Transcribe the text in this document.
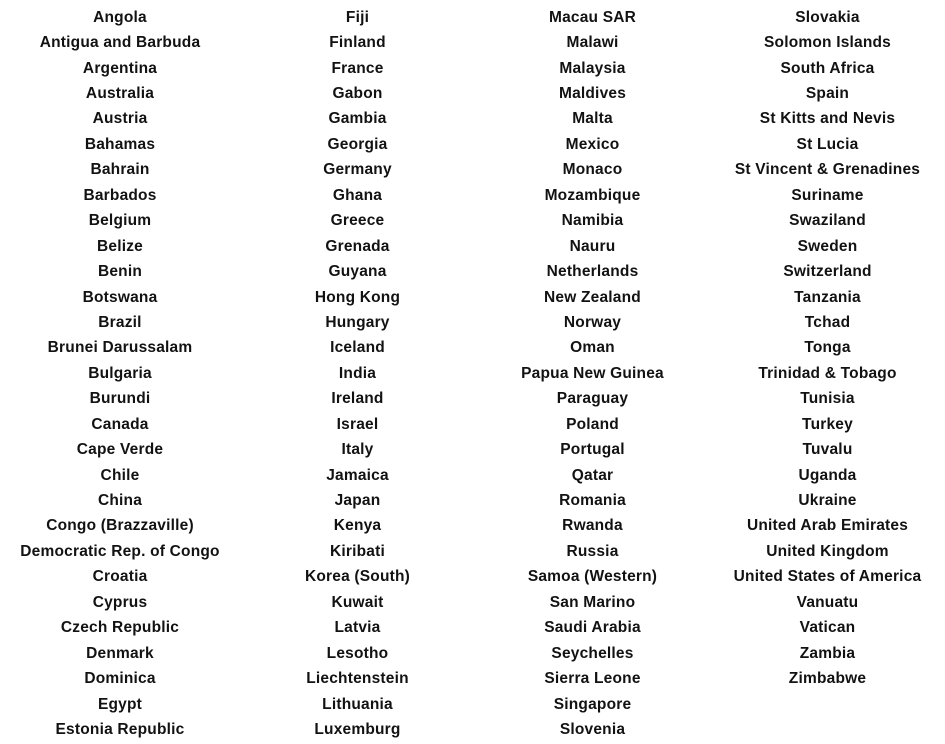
Angola
Antigua and Barbuda
Argentina
Australia
Austria
Bahamas
Bahrain
Barbados
Belgium
Belize
Benin
Botswana
Brazil
Brunei Darussalam
Bulgaria
Burundi
Canada
Cape Verde
Chile
China
Congo (Brazzaville)
Democratic Rep. of Congo
Croatia
Cyprus
Czech Republic
Denmark
Dominica
Egypt
Estonia Republic
Fiji
Finland
France
Gabon
Gambia
Georgia
Germany
Ghana
Greece
Grenada
Guyana
Hong Kong
Hungary
Iceland
India
Ireland
Israel
Italy
Jamaica
Japan
Kenya
Kiribati
Korea (South)
Kuwait
Latvia
Lesotho
Liechtenstein
Lithuania
Luxemburg
Macau SAR
Malawi
Malaysia
Maldives
Malta
Mexico
Monaco
Mozambique
Namibia
Nauru
Netherlands
New Zealand
Norway
Oman
Papua New Guinea
Paraguay
Poland
Portugal
Qatar
Romania
Rwanda
Russia
Samoa (Western)
San Marino
Saudi Arabia
Seychelles
Sierra Leone
Singapore
Slovenia
Slovakia
Solomon Islands
South Africa
Spain
St Kitts and Nevis
St Lucia
St Vincent & Grenadines
Suriname
Swaziland
Sweden
Switzerland
Tanzania
Tchad
Tonga
Trinidad & Tobago
Tunisia
Turkey
Tuvalu
Uganda
Ukraine
United Arab Emirates
United Kingdom
United States of America
Vanuatu
Vatican
Zambia
Zimbabwe
